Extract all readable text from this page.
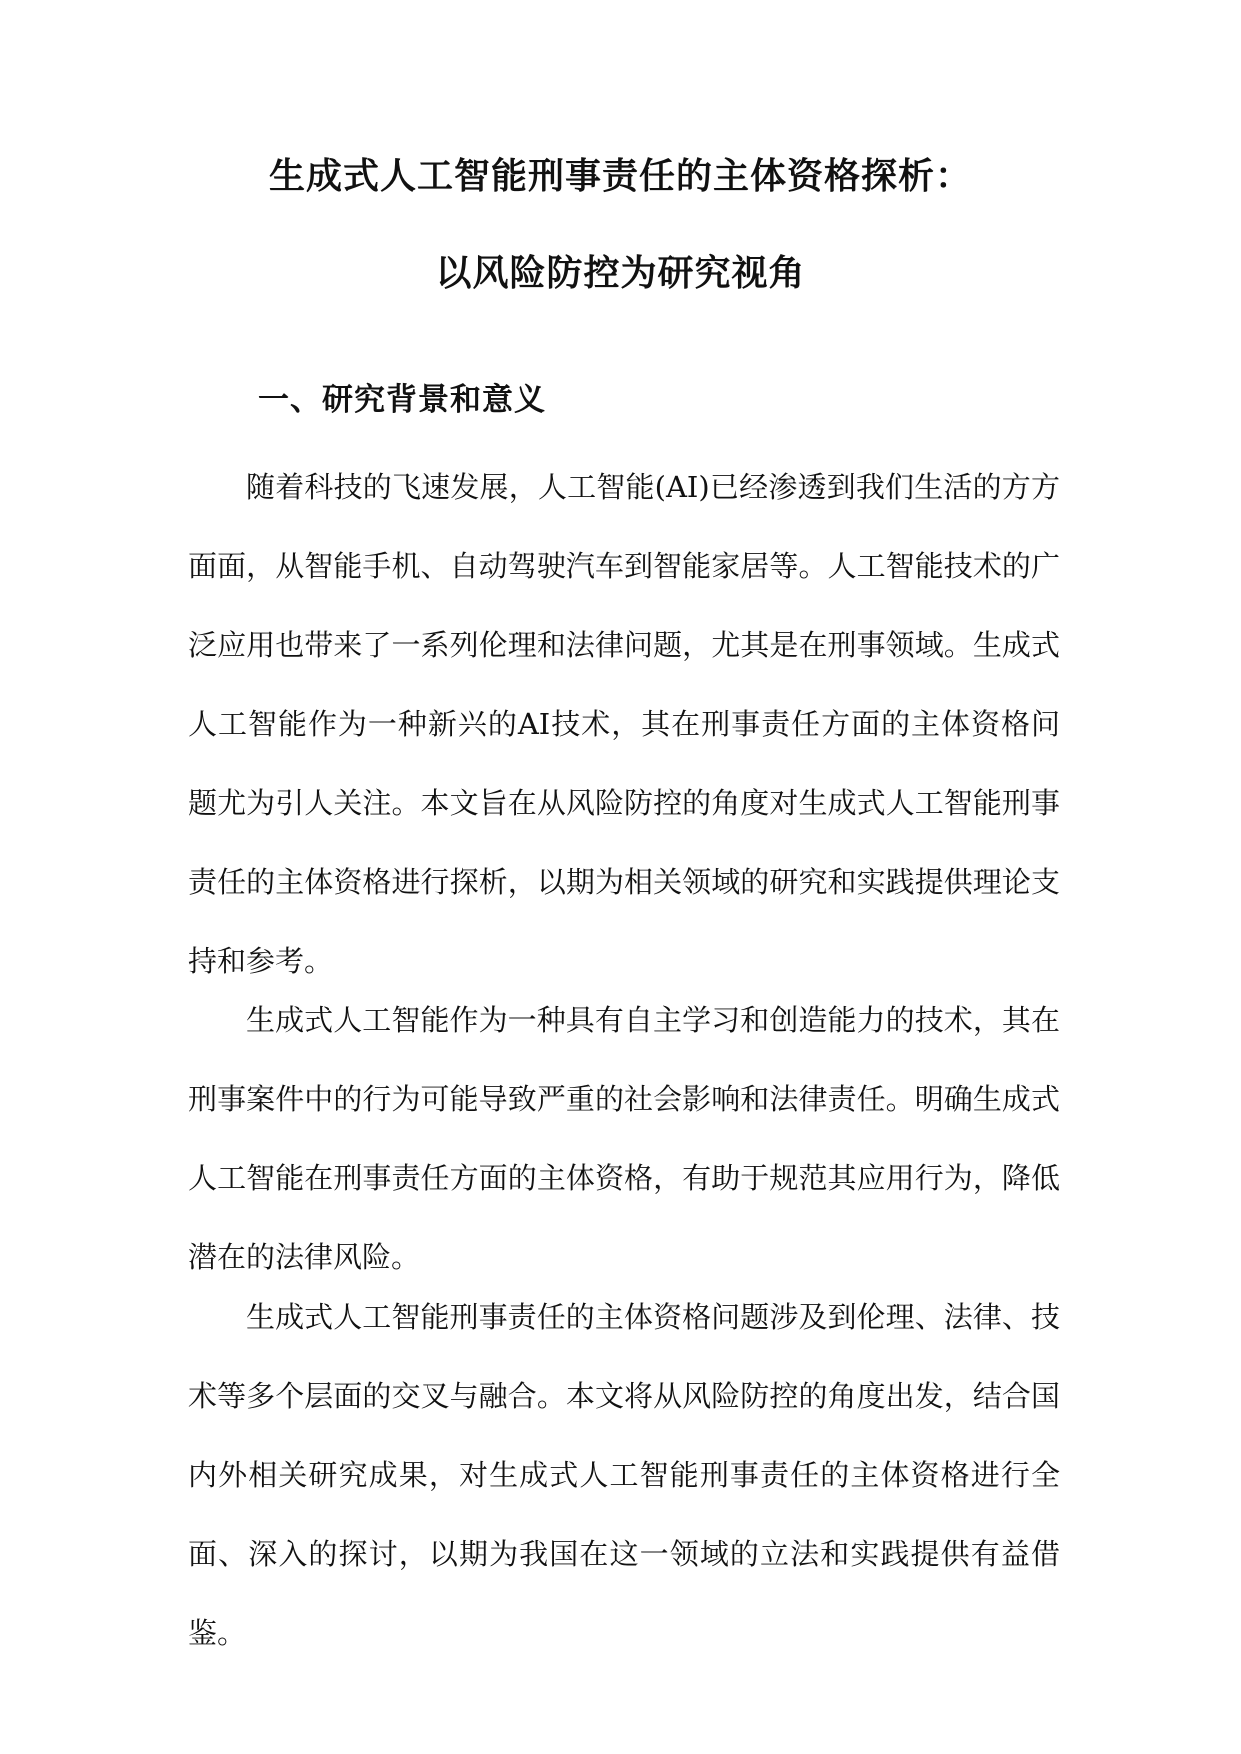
生成式人工智能刑事责任的主体资格探析：
以风险防控为研究视角
一、研究背景和意义

随着科技的飞速发展，人工智能(AI)已经渗透到我们生活的方方面面，从智能手机、自动驾驶汽车到智能家居等。人工智能技术的广泛应用也带来了一系列伦理和法律问题，尤其是在刑事领域。生成式人工智能作为一种新兴的AI技术，其在刑事责任方面的主体资格问题尤为引人关注。本文旨在从风险防控的角度对生成式人工智能刑事责任的主体资格进行探析，以期为相关领域的研究和实践提供理论支持和参考。

生成式人工智能作为一种具有自主学习和创造能力的技术，其在刑事案件中的行为可能导致严重的社会影响和法律责任。明确生成式人工智能在刑事责任方面的主体资格，有助于规范其应用行为，降低潜在的法律风险。

生成式人工智能刑事责任的主体资格问题涉及到伦理、法律、技术等多个层面的交叉与融合。本文将从风险防控的角度出发，结合国内外相关研究成果，对生成式人工智能刑事责任的主体资格进行全面、深入的探讨，以期为我国在这一领域的立法和实践提供有益借鉴。
